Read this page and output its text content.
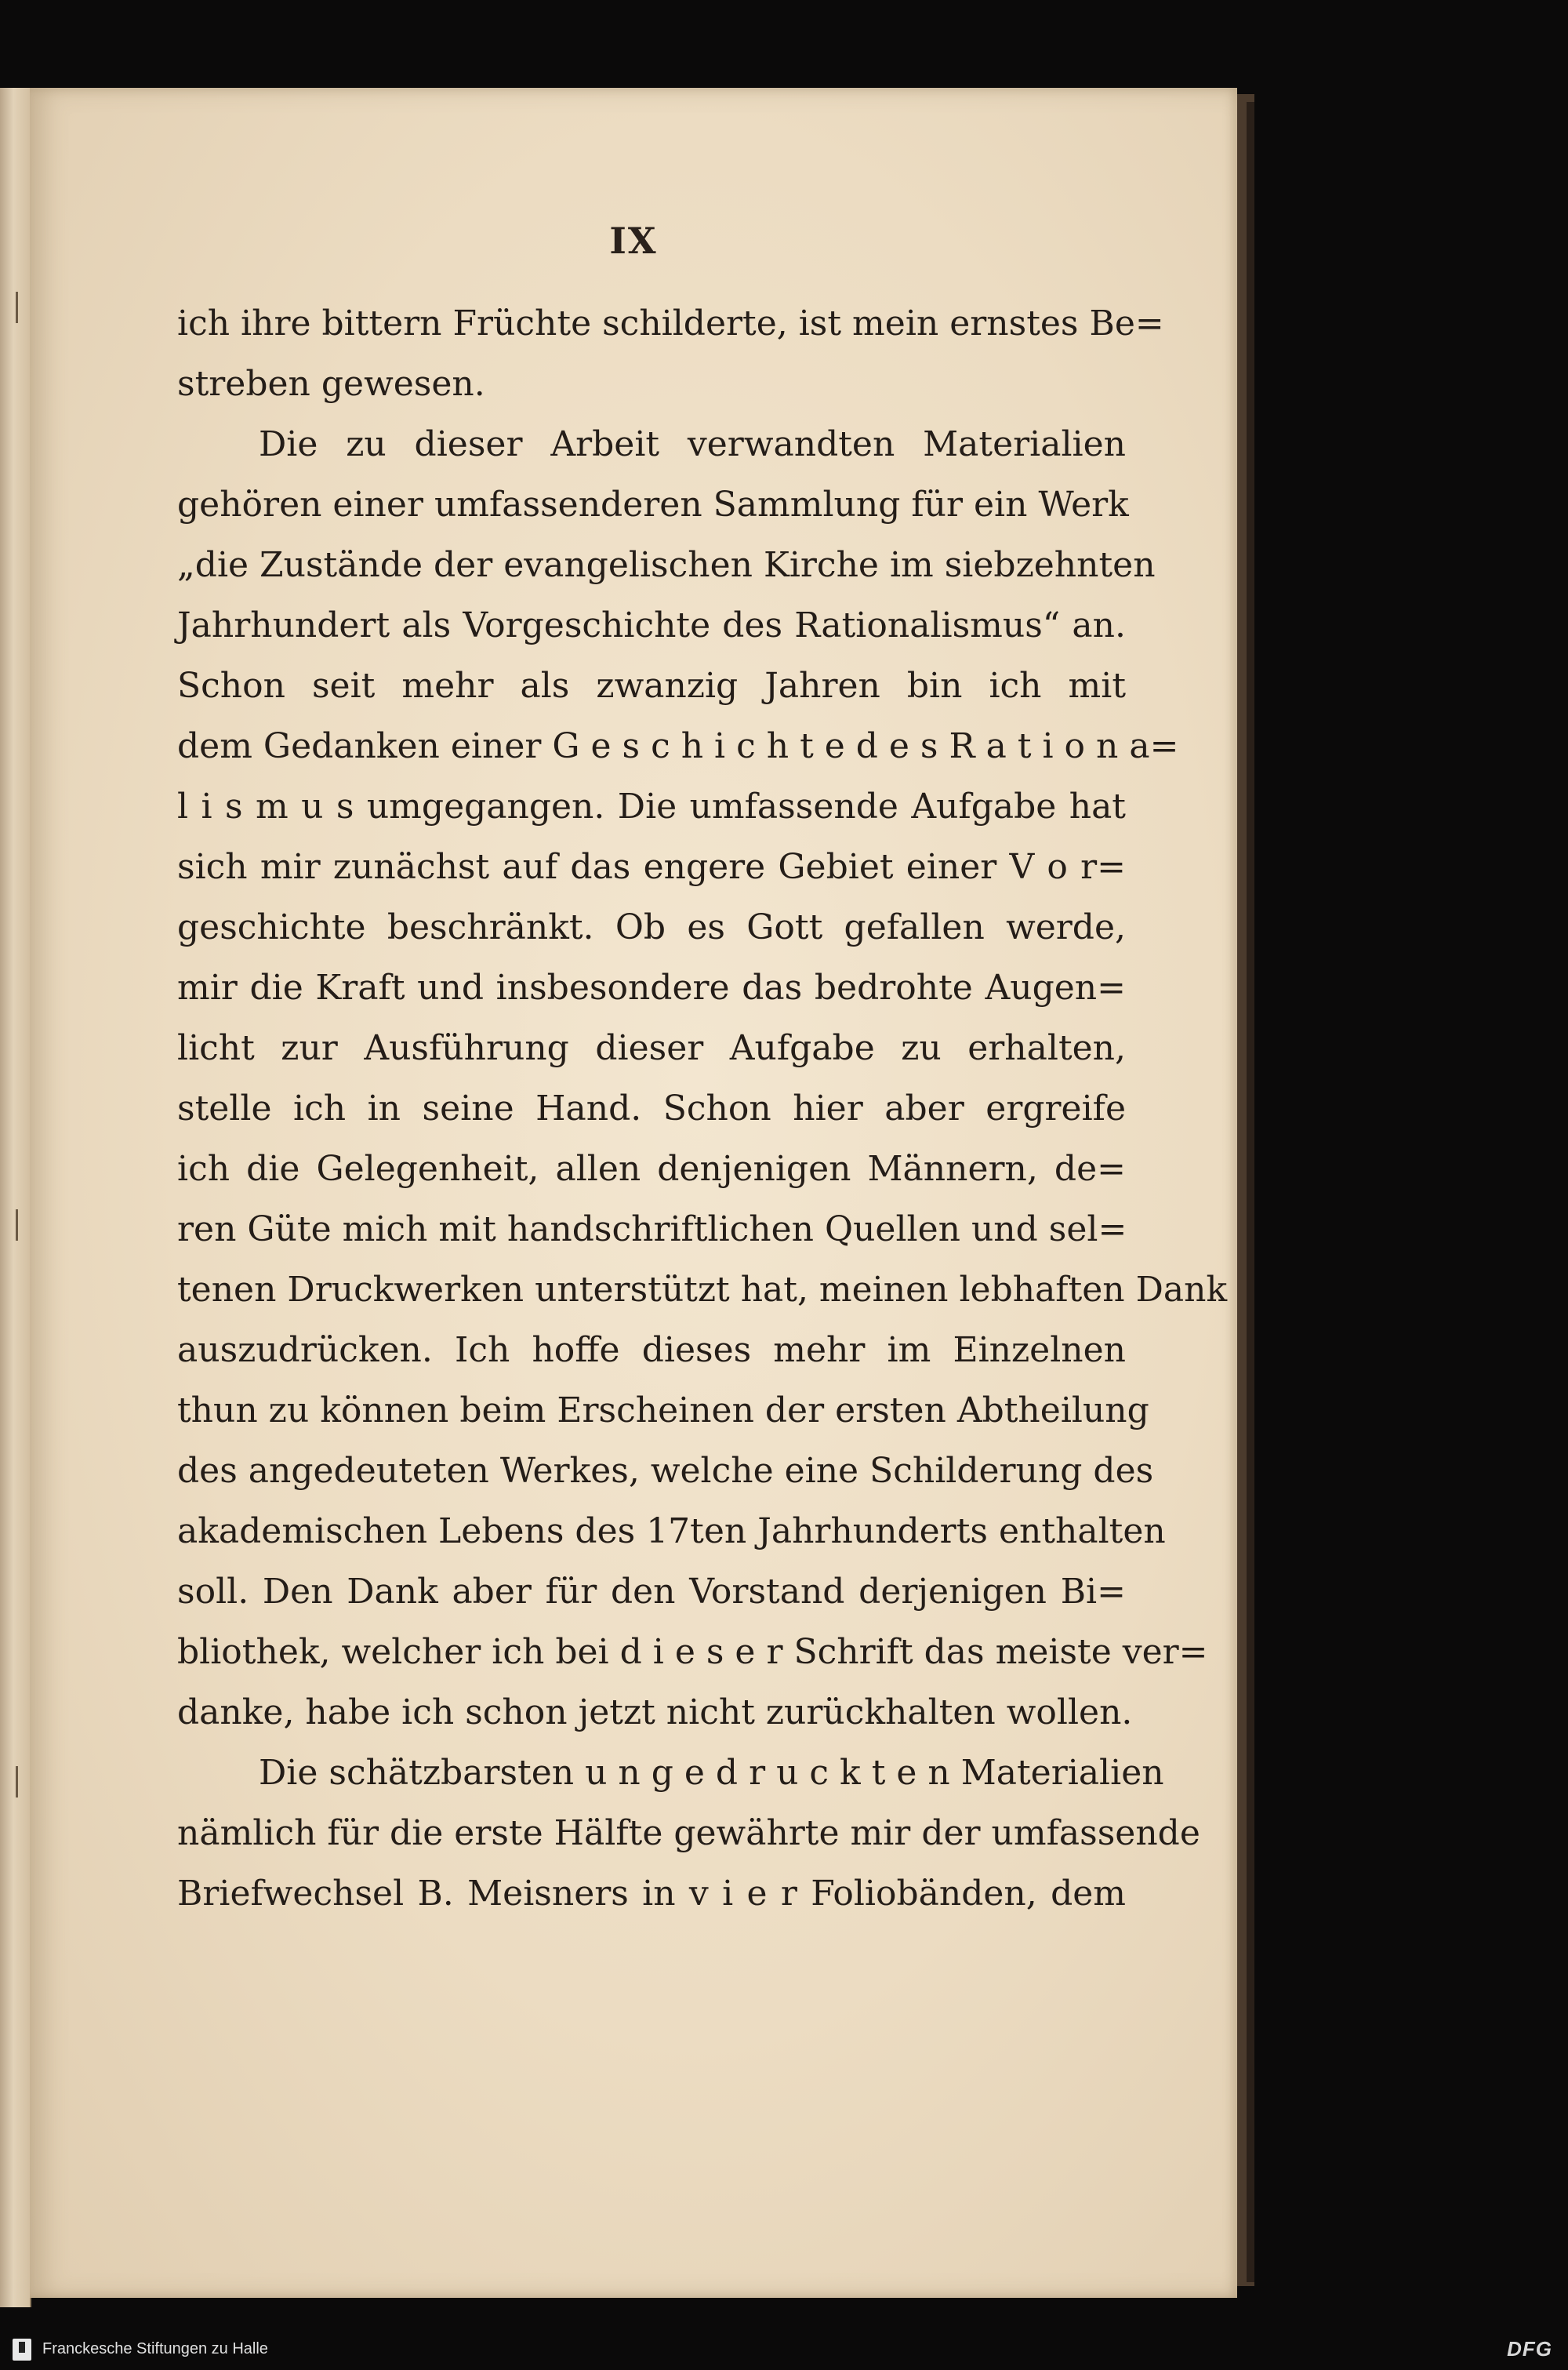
IX
ich ihre bittern Früchte schilderte, ist mein ernstes Be=
streben gewesen.
Die zu dieser Arbeit verwandten Materialien
gehören einer umfassenderen Sammlung für ein Werk
„die Zustände der evangelischen Kirche im siebzehnten
Jahrhundert als Vorgeschichte des Rationalismus“ an.
Schon seit mehr als zwanzig Jahren bin ich mit
dem Gedanken einer G e s c h i c h t e d e s R a t i o n a=
l i s m u s umgegangen. Die umfassende Aufgabe hat
sich mir zunächst auf das engere Gebiet einer V o r=
geschichte beschränkt. Ob es Gott gefallen werde,
mir die Kraft und insbesondere das bedrohte Augen=
licht zur Ausführung dieser Aufgabe zu erhalten,
stelle ich in seine Hand. Schon hier aber ergreife
ich die Gelegenheit, allen denjenigen Männern, de=
ren Güte mich mit handschriftlichen Quellen und sel=
tenen Druckwerken unterstützt hat, meinen lebhaften Dank
auszudrücken. Ich hoffe dieses mehr im Einzelnen
thun zu können beim Erscheinen der ersten Abtheilung
des angedeuteten Werkes, welche eine Schilderung des
akademischen Lebens des 17ten Jahrhunderts enthalten
soll. Den Dank aber für den Vorstand derjenigen Bi=
bliothek, welcher ich bei d i e s e r Schrift das meiste ver=
danke, habe ich schon jetzt nicht zurückhalten wollen.
Die schätzbarsten u n g e d r u c k t e n Materialien
nämlich für die erste Hälfte gewährte mir der umfassende
Briefwechsel B. Meisners in v i e r Foliobänden, dem
Franckesche Stiftungen zu Halle	DFG
